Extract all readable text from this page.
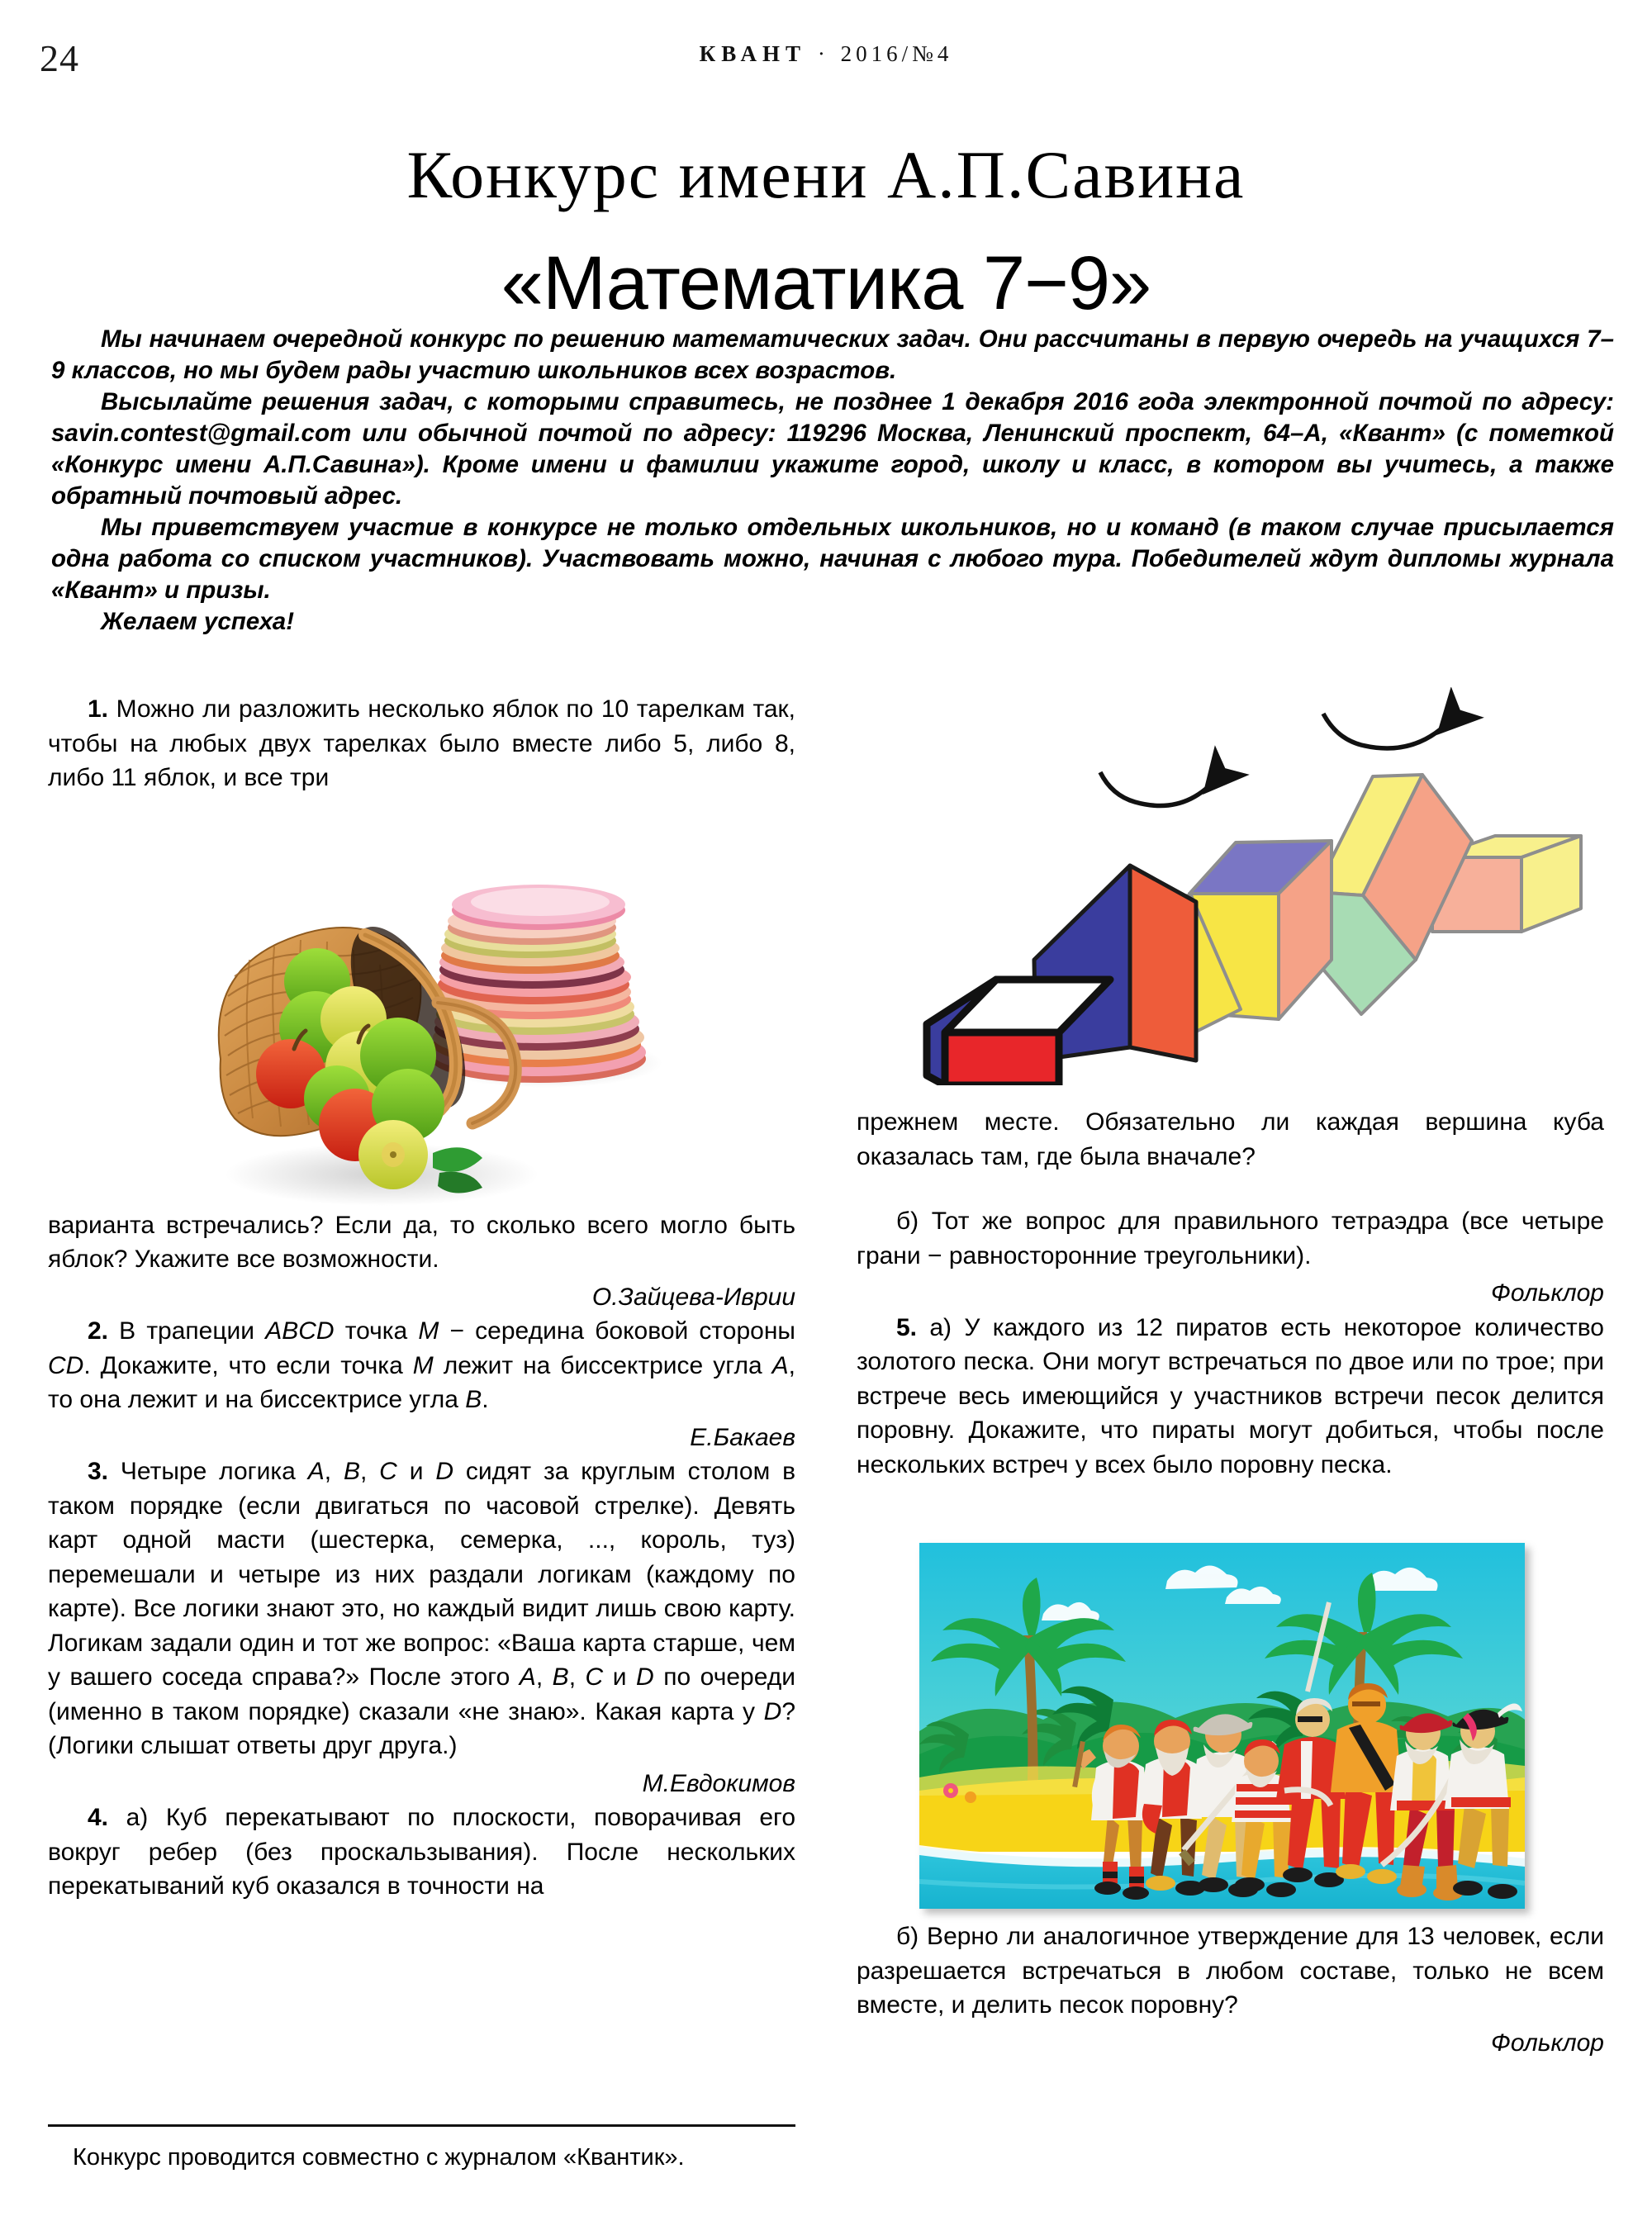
24	КВАНТ · 2016/№4
Конкурс имени А.П.Савина
«Математика 7−9»

Мы начинаем очередной конкурс по решению математических задач. Они рассчитаны в первую очередь на учащихся 7–9 классов, но мы будем рады участию школьников всех возрастов.

Высылайте решения задач, с которыми справитесь, не позднее 1 декабря 2016 года электронной почтой по адресу: savin.contest@gmail.com или обычной почтой по адресу: 119296 Москва, Ленинский проспект, 64–А, «Квант» (с пометкой «Конкурс имени А.П.Савина»). Кроме имени и фамилии укажите город, школу и класс, в котором вы учитесь, а также обратный почтовый адрес.

Мы приветствуем участие в конкурсе не только отдельных школьников, но и команд (в таком случае присылается одна работа со списком участников). Участвовать можно, начиная с любого тура. Победителей ждут дипломы журнала «Квант» и призы.

Желаем успеха!

1. Можно ли разложить несколько яблок по 10 тарелкам так, чтобы на любых двух тарелках было вместе либо 5, либо 8, либо 11 яблок, и все три

варианта встречались? Если да, то сколько всего могло быть яблок? Укажите все возможности.

О.Зайцева-Иврии

2. В трапеции ABCD точка M − середина боковой стороны CD. Докажите, что если точка M лежит на биссектрисе угла A, то она лежит и на биссектрисе угла B.

Е.Бакаев

3. Четыре логика A, B, C и D сидят за круглым столом в таком порядке (если двигаться по часовой стрелке). Девять карт одной масти (шестерка, семерка, ..., король, туз) перемешали и четыре из них раздали логикам (каждому по карте). Все логики знают это, но каждый видит лишь свою карту. Логикам задали один и тот же вопрос: «Ваша карта старше, чем у вашего соседа справа?» После этого A, B, C и D по очереди (именно в таком порядке) сказали «не знаю». Какая карта у D? (Логики слышат ответы друг друга.)

М.Евдокимов

4. а) Куб перекатывают по плоскости, поворачивая его вокруг ребер (без проскальзывания). После нескольких перекатываний куб оказался в точности на

прежнем месте. Обязательно ли каждая вершина куба оказалась там, где была вначале?

б) Тот же вопрос для правильного тетраэдра (все четыре грани − равносторонние треугольники).

Фольклор

5. а) У каждого из 12 пиратов есть некоторое количество золотого песка. Они могут встречаться по двое или по трое; при встрече весь имеющийся у участников встречи песок делится поровну. Докажите, что пираты могут добиться, чтобы после нескольких встреч у всех было поровну песка.

б) Верно ли аналогичное утверждение для 13 человек, если разрешается встречаться в любом составе, только не всем вместе, и делить песок поровну?

Фольклор

Конкурс проводится совместно с журналом «Квантик».
